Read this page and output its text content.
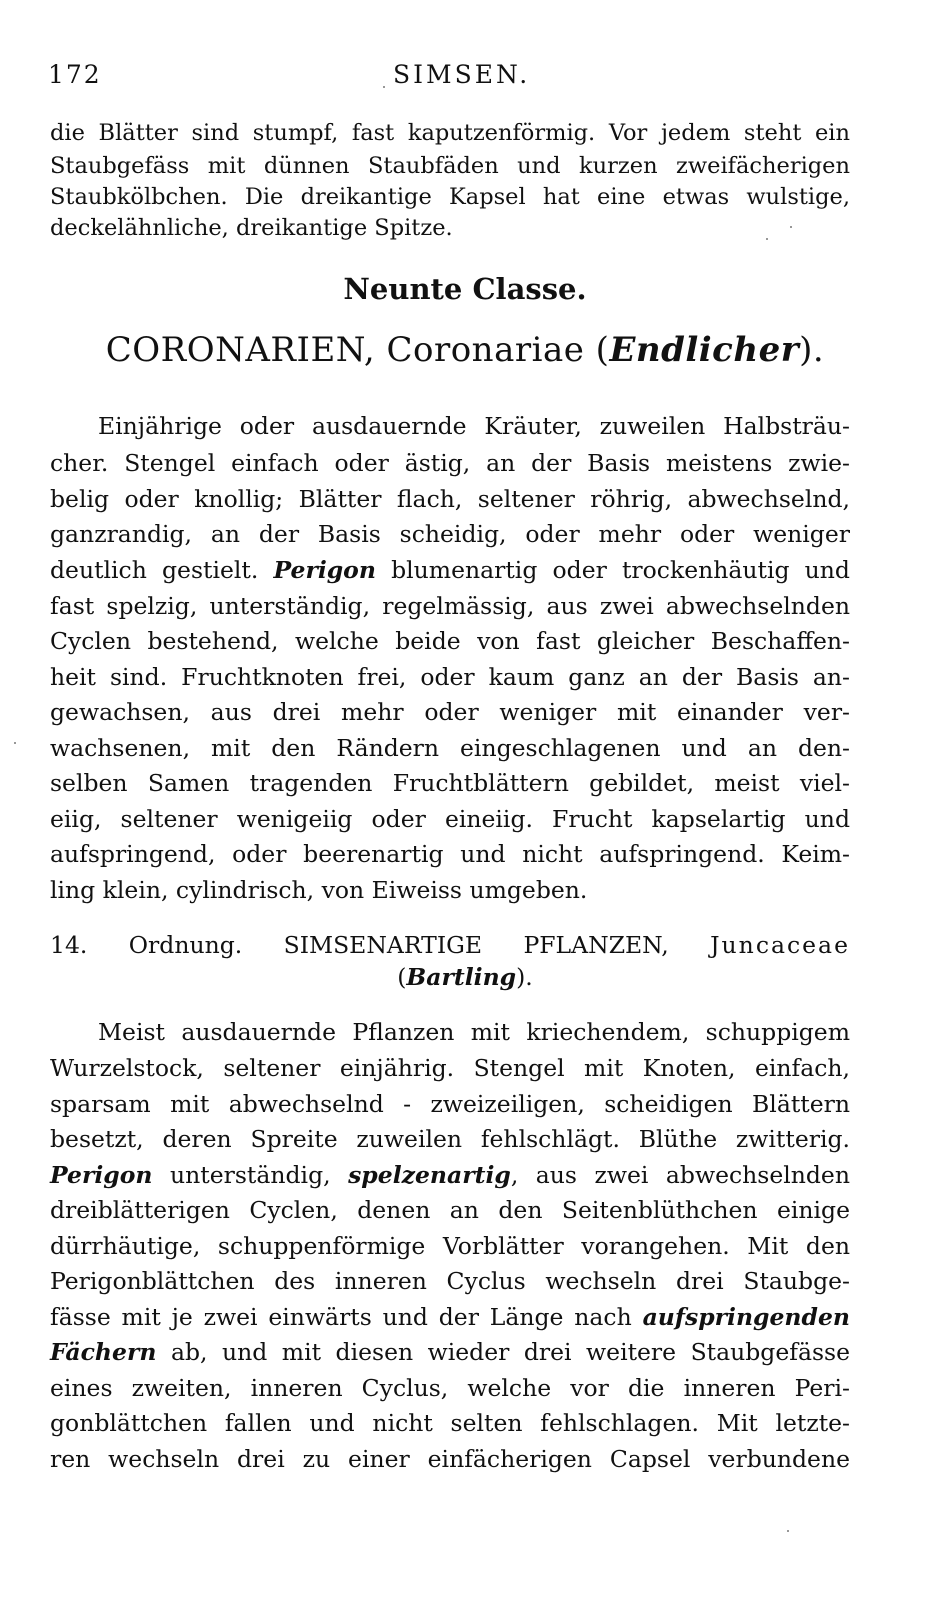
172	SIMSEN.
die Blätter sind stumpf, fast kaputzenförmig. Vor jedem steht ein
Staubgefäss mit dünnen Staubfäden und kurzen zweifächerigen
Staubkölbchen. Die dreikantige Kapsel hat eine etwas wulstige,
deckelähnliche, dreikantige Spitze.
Neunte Classe.
CORONARIEN, Coronariae (Endlicher).
Einjährige oder ausdauernde Kräuter, zuweilen Halbsträu-
cher. Stengel einfach oder ästig, an der Basis meistens zwie-
belig oder knollig; Blätter flach, seltener röhrig, abwechselnd,
ganzrandig, an der Basis scheidig, oder mehr oder weniger
deutlich gestielt. Perigon blumenartig oder trockenhäutig und
fast spelzig, unterständig, regelmässig, aus zwei abwechselnden
Cyclen bestehend, welche beide von fast gleicher Beschaffen-
heit sind. Fruchtknoten frei, oder kaum ganz an der Basis an-
gewachsen, aus drei mehr oder weniger mit einander ver-
wachsenen, mit den Rändern eingeschlagenen und an den-
selben Samen tragenden Fruchtblättern gebildet, meist viel-
eiig, seltener wenigeiig oder eineiig. Frucht kapselartig und
aufspringend, oder beerenartig und nicht aufspringend. Keim-
ling klein, cylindrisch, von Eiweiss umgeben.
14. Ordnung. SIMSENARTIGE PFLANZEN, Juncaceae
(Bartling).
Meist ausdauernde Pflanzen mit kriechendem, schuppigem
Wurzelstock, seltener einjährig. Stengel mit Knoten, einfach,
sparsam mit abwechselnd - zweizeiligen, scheidigen Blättern
besetzt, deren Spreite zuweilen fehlschlägt. Blüthe zwitterig.
Perigon unterständig, spelzenartig, aus zwei abwechselnden
dreiblätterigen Cyclen, denen an den Seitenblüthchen einige
dürrhäutige, schuppenförmige Vorblätter vorangehen. Mit den
Perigonblättchen des inneren Cyclus wechseln drei Staubge-
fässe mit je zwei einwärts und der Länge nach aufspringenden
Fächern ab, und mit diesen wieder drei weitere Staubgefässe
eines zweiten, inneren Cyclus, welche vor die inneren Peri-
gonblättchen fallen und nicht selten fehlschlagen. Mit letzte-
ren wechseln drei zu einer einfächerigen Capsel verbundene
